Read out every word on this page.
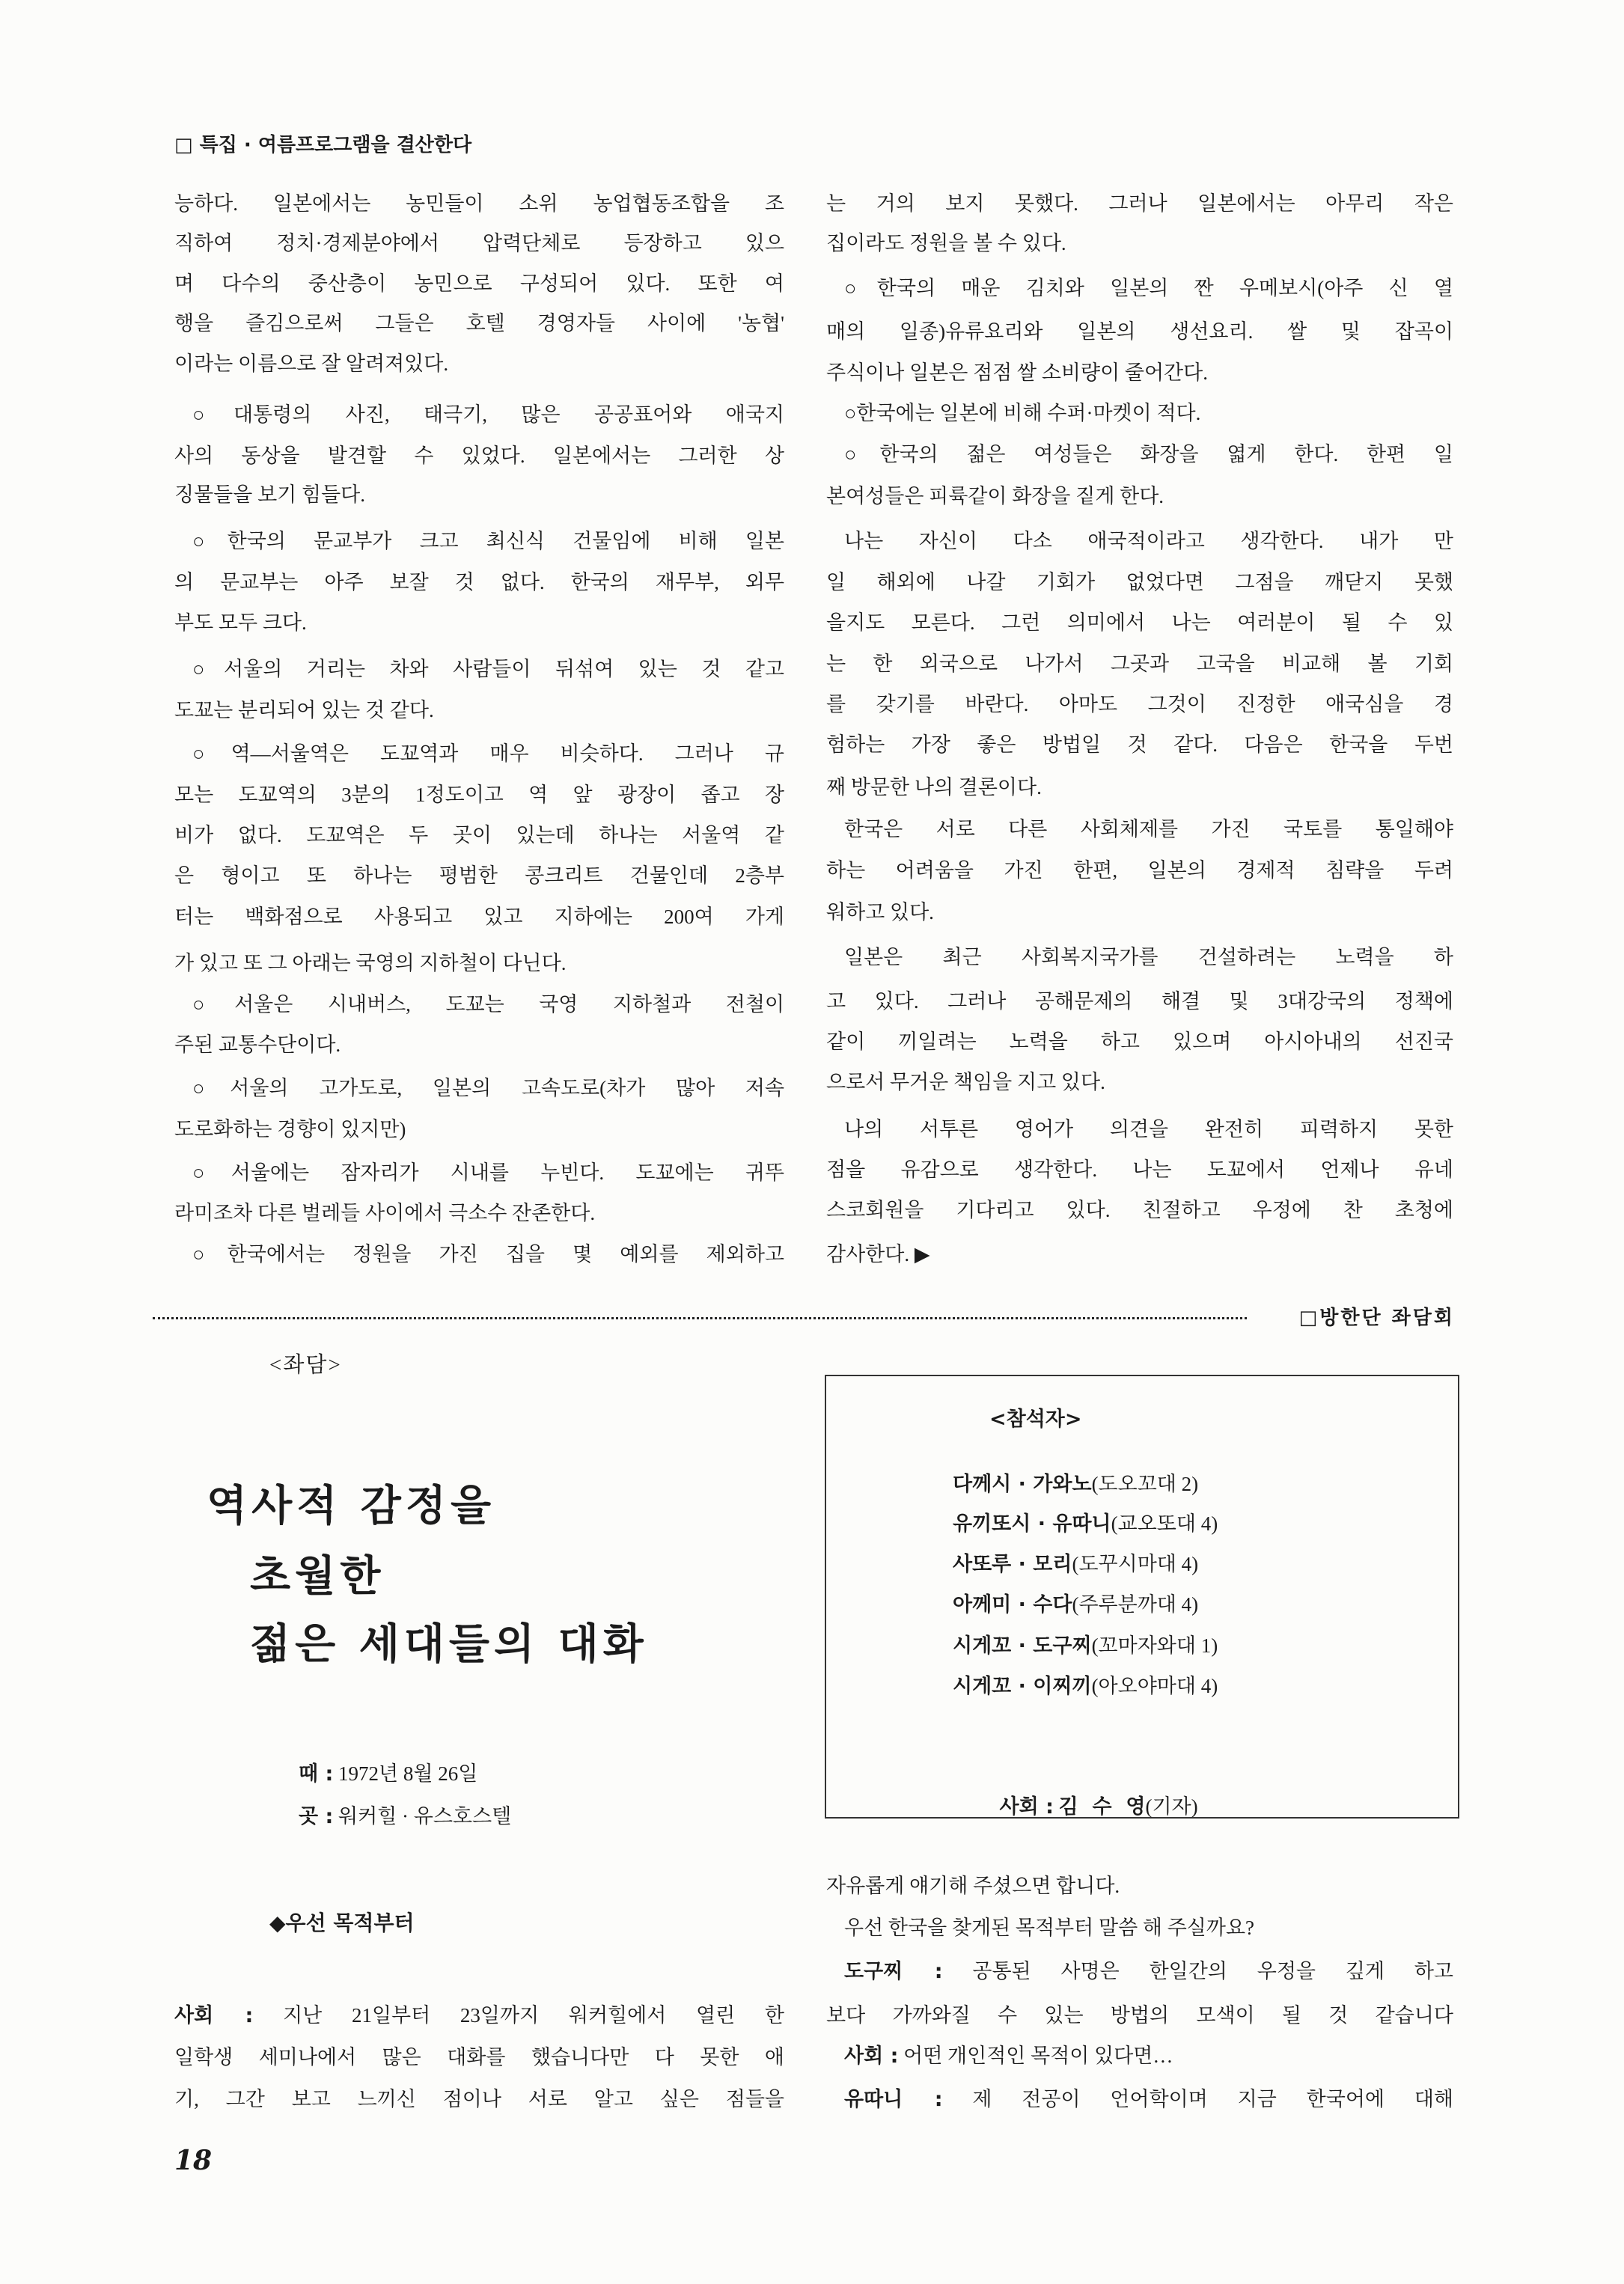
□ 특집 · 여름프로그램을 결산한다
능하다. 일본에서는 농민들이 소위 농업협동조합을 조
직하여 정치·경제분야에서 압력단체로 등장하고 있으
며 다수의 중산층이 농민으로 구성되어 있다. 또한 여
행을 즐김으로써 그들은 호텔 경영자들 사이에 '농협'
이라는 이름으로 잘 알려져있다.
○대통령의 사진, 태극기, 많은 공공표어와 애국지
사의 동상을 발견할 수 있었다. 일본에서는 그러한 상
징물들을 보기 힘들다.
○한국의 문교부가 크고 최신식 건물임에 비해 일본
의 문교부는 아주 보잘 것 없다. 한국의 재무부, 외무
부도 모두 크다.
○서울의 거리는 차와 사람들이 뒤섞여 있는 것 같고
도꾜는 분리되어 있는 것 같다.
○역—서울역은 도꾜역과 매우 비슷하다. 그러나 규
모는 도꾜역의 3분의 1정도이고 역 앞 광장이 좁고 장
비가 없다. 도꾜역은 두 곳이 있는데 하나는 서울역 같
은 형이고 또 하나는 평범한 콩크리트 건물인데 2층부
터는 백화점으로 사용되고 있고 지하에는 200여 가게
가 있고 또 그 아래는 국영의 지하철이 다닌다.
○서울은 시내버스, 도꾜는 국영 지하철과 전철이
주된 교통수단이다.
○서울의 고가도로, 일본의 고속도로(차가 많아 저속
도로화하는 경향이 있지만)
○서울에는 잠자리가 시내를 누빈다. 도꾜에는 귀뚜
라미조차 다른 벌레들 사이에서 극소수 잔존한다.
○한국에서는 정원을 가진 집을 몇 예외를 제외하고
는 거의 보지 못했다. 그러나 일본에서는 아무리 작은
집이라도 정원을 볼 수 있다.
○한국의 매운 김치와 일본의 짠 우메보시(아주 신 열
매의 일종)유류요리와 일본의 생선요리. 쌀 및 잡곡이
주식이나 일본은 점점 쌀 소비량이 줄어간다.
○한국에는 일본에 비해 수퍼·마켓이 적다.
○한국의 젊은 여성들은 화장을 엷게 한다. 한편 일
본여성들은 피륙같이 화장을 짙게 한다.
나는 자신이 다소 애국적이라고 생각한다. 내가 만
일 해외에 나갈 기회가 없었다면 그점을 깨닫지 못했
을지도 모른다. 그런 의미에서 나는 여러분이 될 수 있
는 한 외국으로 나가서 그곳과 고국을 비교해 볼 기회
를 갖기를 바란다. 아마도 그것이 진정한 애국심을 경
험하는 가장 좋은 방법일 것 같다. 다음은 한국을 두번
째 방문한 나의 결론이다.
한국은 서로 다른 사회체제를 가진 국토를 통일해야
하는 어려움을 가진 한편, 일본의 경제적 침략을 두려
워하고 있다.
일본은 최근 사회복지국가를 건설하려는 노력을 하
고 있다. 그러나 공해문제의 해결 및 3대강국의 정책에
같이 끼일려는 노력을 하고 있으며 아시아내의 선진국
으로서 무거운 책임을 지고 있다.
나의 서투른 영어가 의견을 완전히 피력하지 못한
점을 유감으로 생각한다. 나는 도꾜에서 언제나 유네
스코회원을 기다리고 있다. 친절하고 우정에 찬 초청에
감사한다. ▶
□방한단 좌담회
<좌담>
역사적 감정을
초월한
젊은 세대들의 대화
<참석자>
다께시 · 가와노(도오꼬대 2)
유끼또시 · 유따니(교오또대 4)
사또루 · 모리(도꾸시마대 4)
아께미 · 수다(주루분까대 4)
시게꼬 · 도구찌(꼬마자와대 1)
시게꼬 · 이찌끼(아오야마대 4)

사회 : 김  수  영(기자)

때 : 1972년 8월 26일
곳 : 워커힐 · 유스호스텔
◆우선 목적부터
사회 : 지난 21일부터 23일까지 워커힐에서 열린 한
일학생 세미나에서 많은 대화를 했습니다만 다 못한 애
기, 그간 보고 느끼신 점이나 서로 알고 싶은 점들을
자유롭게 얘기해 주셨으면 합니다.
우선 한국을 찾게된 목적부터 말씀 해 주실까요?
도구찌 : 공통된 사명은 한일간의 우정을 깊게 하고
보다 가까와질 수 있는 방법의 모색이 될 것 같습니다
사회 : 어떤 개인적인 목적이 있다면…
유따니 : 제 전공이 언어학이며 지금 한국어에 대해
18
